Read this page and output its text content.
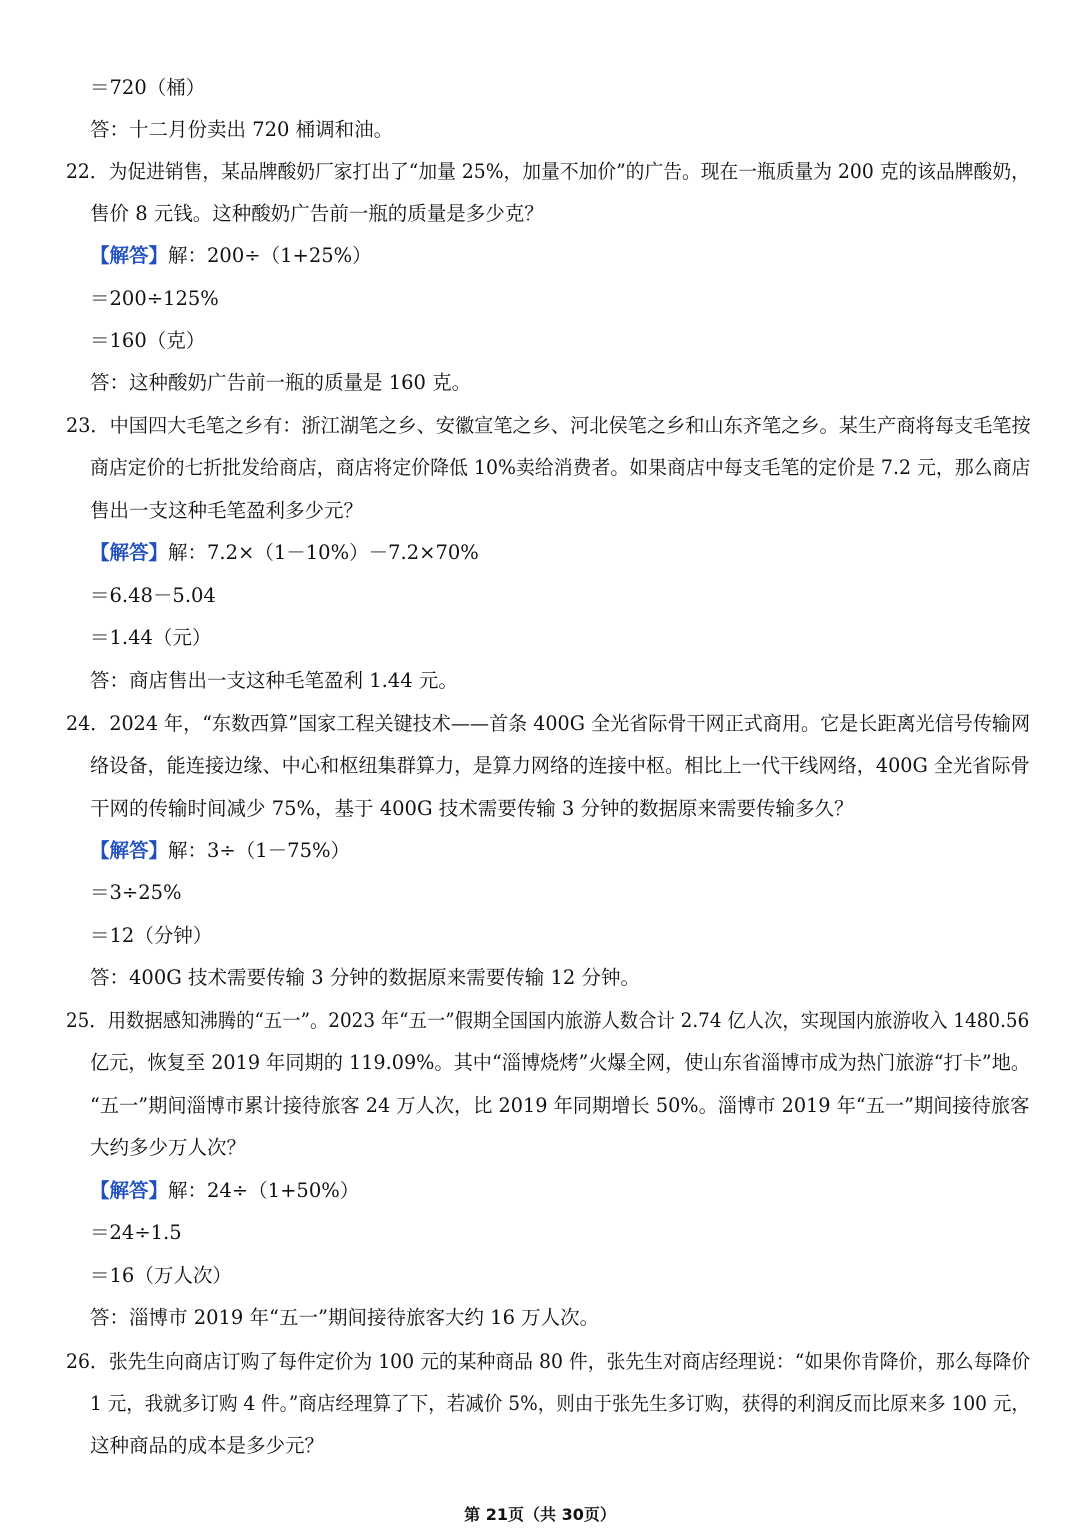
＝720（桶）
答：十二月份卖出 720 桶调和油。
22．为促进销售，某品牌酸奶厂家打出了“加量 25%，加量不加价”的广告。现在一瓶质量为 200 克的该品牌酸奶，
售价 8 元钱。这种酸奶广告前一瓶的质量是多少克？
【解答】解：200÷（1+25%）
＝200÷125%
＝160（克）
答：这种酸奶广告前一瓶的质量是 160 克。
23．中国四大毛笔之乡有：浙江湖笔之乡、安徽宣笔之乡、河北侯笔之乡和山东齐笔之乡。某生产商将每支毛笔按
商店定价的七折批发给商店，商店将定价降低 10%卖给消费者。如果商店中每支毛笔的定价是 7.2 元，那么商店
售出一支这种毛笔盈利多少元？
【解答】解：7.2×（1－10%）－7.2×70%
＝6.48－5.04
＝1.44（元）
答：商店售出一支这种毛笔盈利 1.44 元。
24．2024 年，“东数西算”国家工程关键技术——首条 400G 全光省际骨干网正式商用。它是长距离光信号传输网
络设备，能连接边缘、中心和枢纽集群算力，是算力网络的连接中枢。相比上一代干线网络，400G 全光省际骨
干网的传输时间减少 75%，基于 400G 技术需要传输 3 分钟的数据原来需要传输多久？
【解答】解：3÷（1－75%）
＝3÷25%
＝12（分钟）
答：400G 技术需要传输 3 分钟的数据原来需要传输 12 分钟。
25．用数据感知沸腾的“五一”。2023 年“五一”假期全国国内旅游人数合计 2.74 亿人次，实现国内旅游收入 1480.56
亿元，恢复至 2019 年同期的 119.09%。其中“淄博烧烤”火爆全网，使山东省淄博市成为热门旅游“打卡”地。
“五一”期间淄博市累计接待旅客 24 万人次，比 2019 年同期增长 50%。淄博市 2019 年“五一”期间接待旅客
大约多少万人次？
【解答】解：24÷（1+50%）
＝24÷1.5
＝16（万人次）
答：淄博市 2019 年“五一”期间接待旅客大约 16 万人次。
26．张先生向商店订购了每件定价为 100 元的某种商品 80 件，张先生对商店经理说：“如果你肯降价，那么每降价
1 元，我就多订购 4 件。”商店经理算了下，若减价 5%，则由于张先生多订购，获得的利润反而比原来多 100 元，
这种商品的成本是多少元？
第 21页（共 30页）
